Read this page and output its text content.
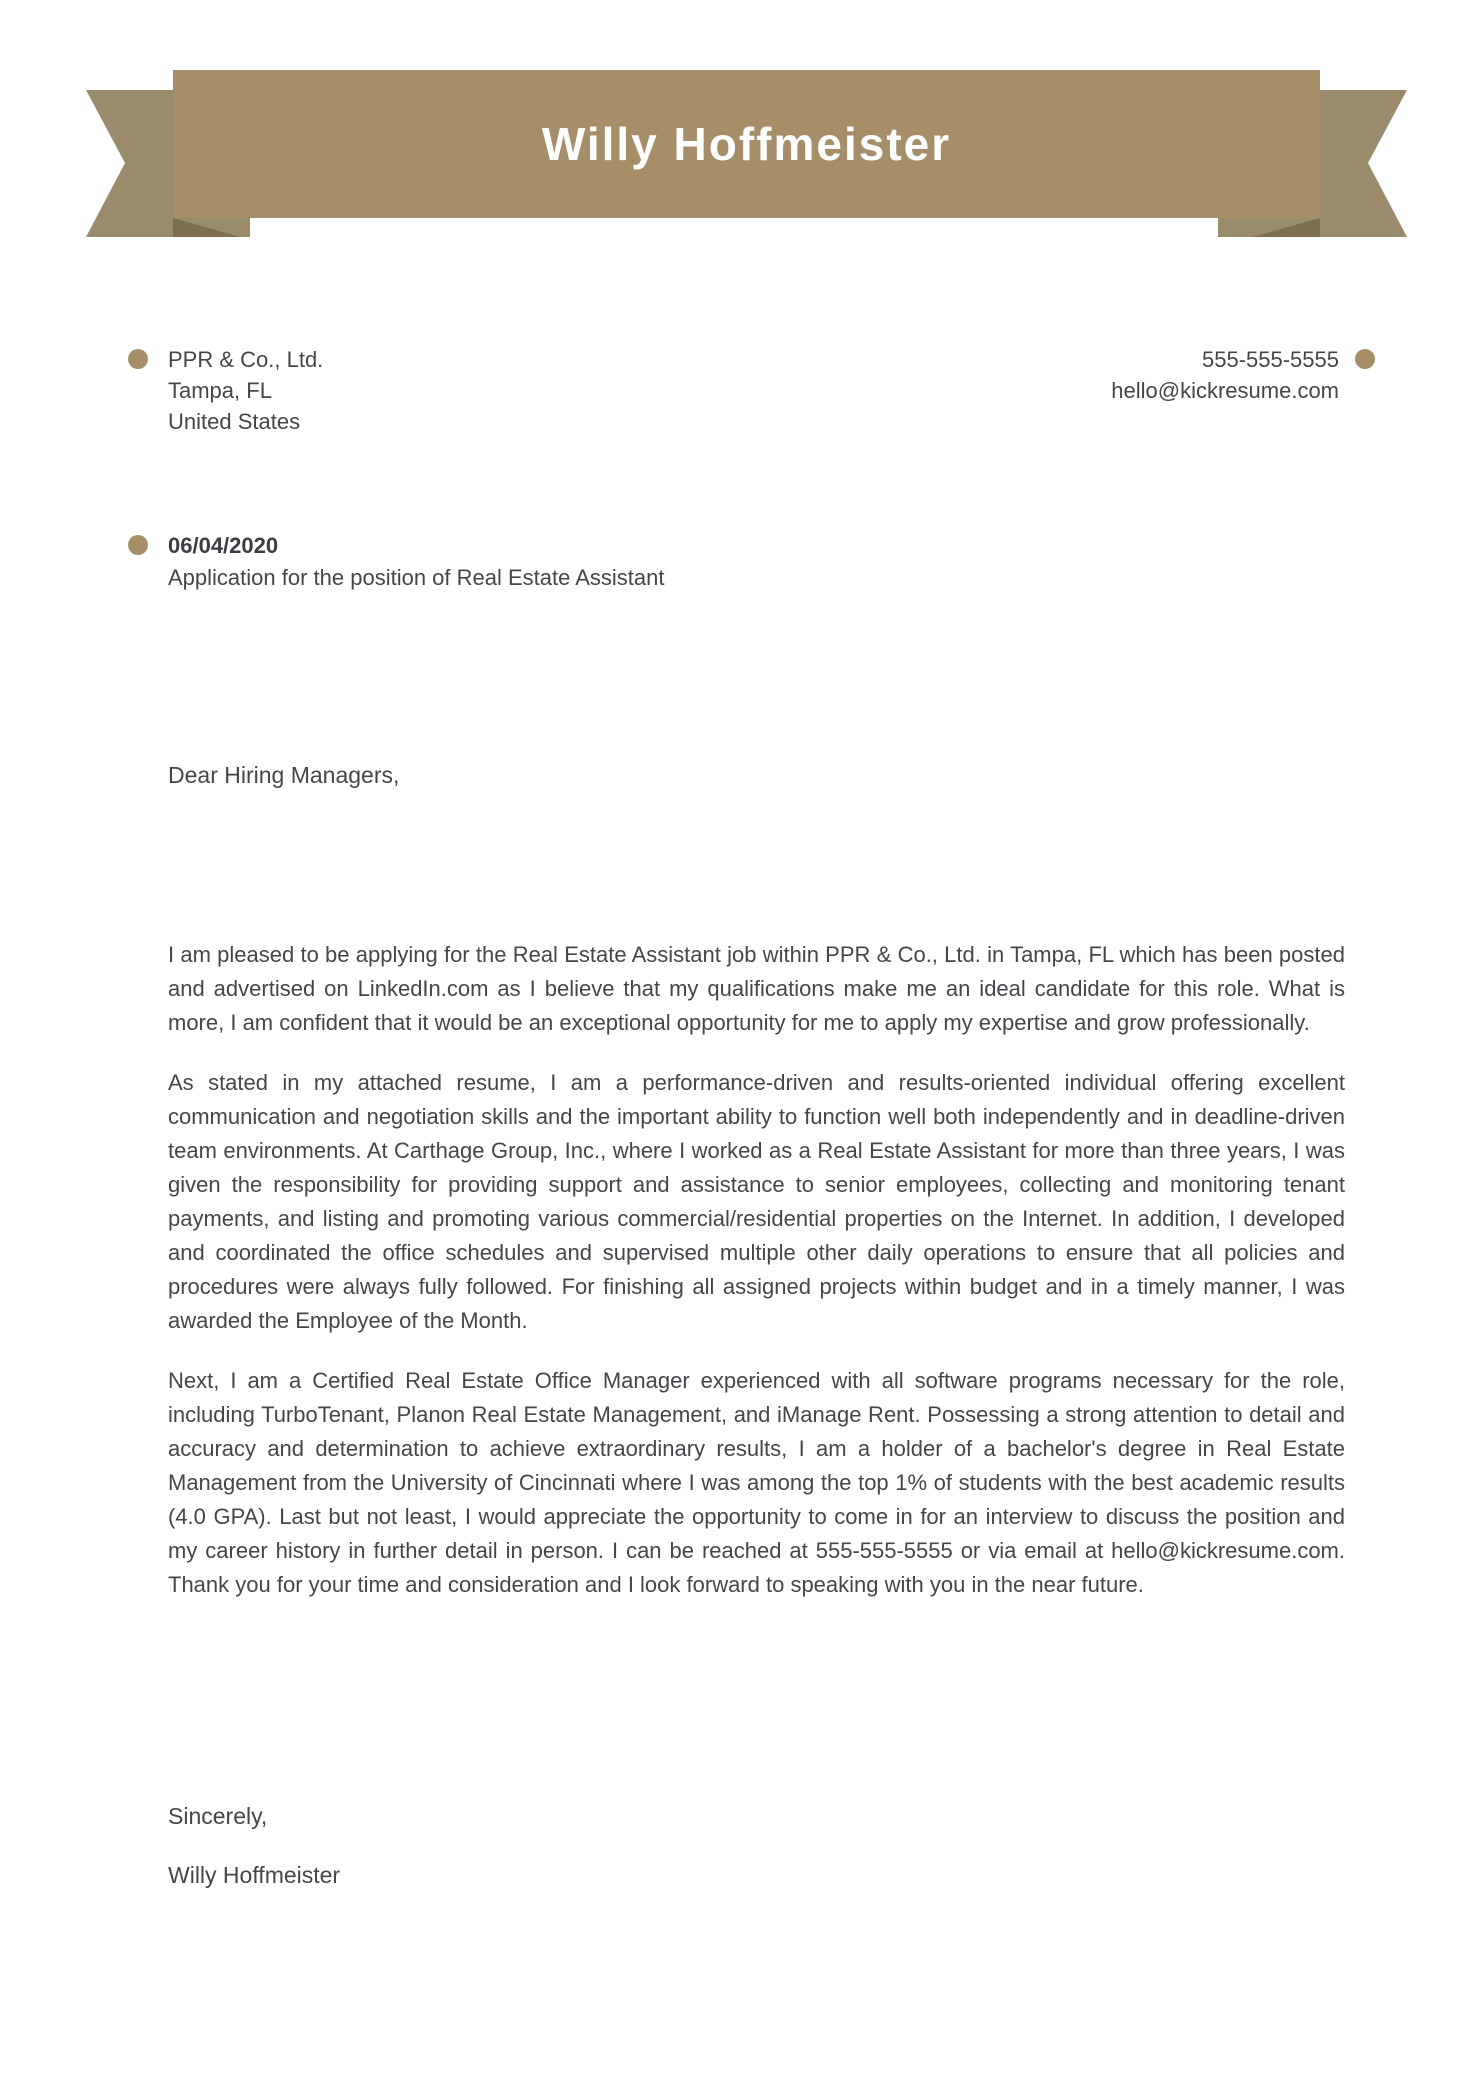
Willy Hoffmeister
PPR & Co., Ltd.
Tampa, FL
United States
555-555-5555
hello@kickresume.com
06/04/2020
Application for the position of Real Estate Assistant
Dear Hiring Managers,

I am pleased to be applying for the Real Estate Assistant job within PPR & Co., Ltd. in Tampa, FL which has been posted and advertised on LinkedIn.com as I believe that my qualifications make me an ideal candidate for this role. What is more, I am confident that it would be an exceptional opportunity for me to apply my expertise and grow professionally.

As stated in my attached resume, I am a performance-driven and results-oriented individual offering excellent communication and negotiation skills and the important ability to function well both independently and in deadline-driven team environments. At Carthage Group, Inc., where I worked as a Real Estate Assistant for more than three years, I was given the responsibility for providing support and assistance to senior employees, collecting and monitoring tenant payments, and listing and promoting various commercial/residential properties on the Internet. In addition, I developed and coordinated the office schedules and supervised multiple other daily operations to ensure that all policies and procedures were always fully followed. For finishing all assigned projects within budget and in a timely manner, I was awarded the Employee of the Month.

Next, I am a Certified Real Estate Office Manager experienced with all software programs necessary for the role, including TurboTenant, Planon Real Estate Management, and iManage Rent. Possessing a strong attention to detail and accuracy and determination to achieve extraordinary results, I am a holder of a bachelor's degree in Real Estate Management from the University of Cincinnati where I was among the top 1% of students with the best academic results (4.0 GPA). Last but not least, I would appreciate the opportunity to come in for an interview to discuss the position and my career history in further detail in person. I can be reached at 555-555-5555 or via email at hello@kickresume.com. Thank you for your time and consideration and I look forward to speaking with you in the near future.

Sincerely,
Willy Hoffmeister
